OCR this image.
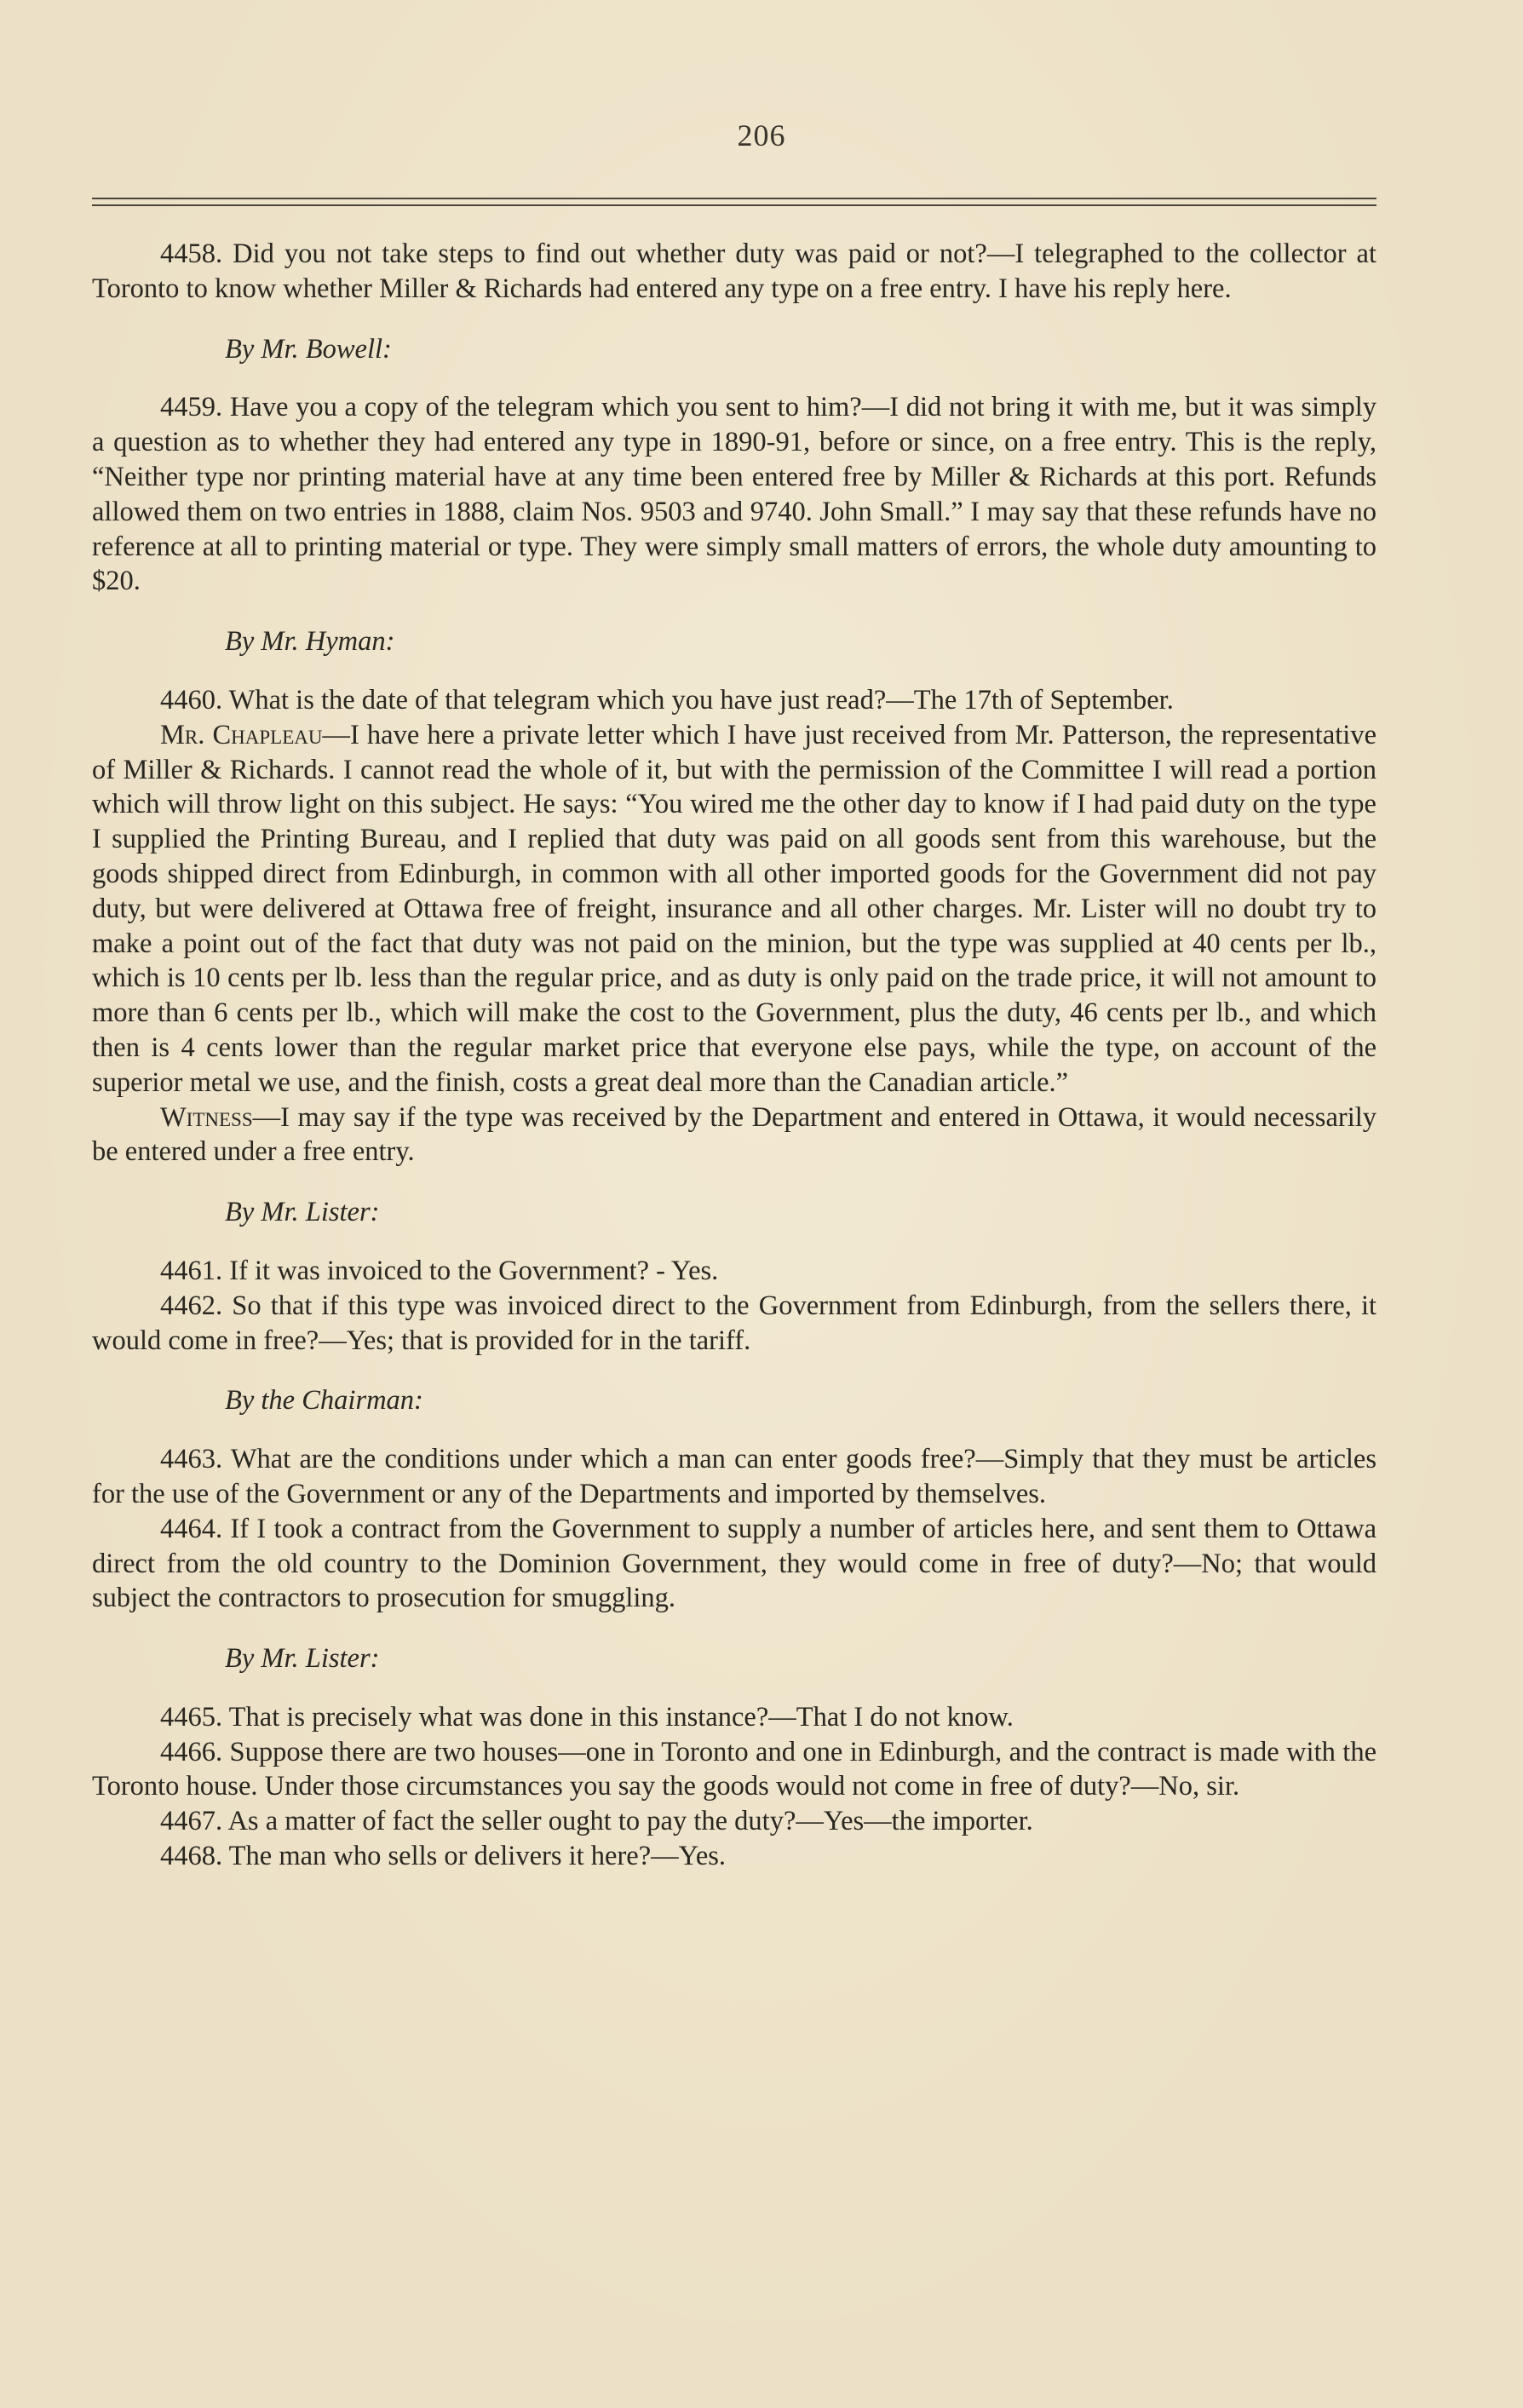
206

4458. Did you not take steps to find out whether duty was paid or not?—I telegraphed to the collector at Toronto to know whether Miller & Richards had entered any type on a free entry. I have his reply here.

By Mr. Bowell:

4459. Have you a copy of the telegram which you sent to him?—I did not bring it with me, but it was simply a question as to whether they had entered any type in 1890-91, before or since, on a free entry. This is the reply, “Neither type nor printing material have at any time been entered free by Miller & Richards at this port. Refunds allowed them on two entries in 1888, claim Nos. 9503 and 9740. John Small.” I may say that these refunds have no reference at all to printing material or type. They were simply small matters of errors, the whole duty amounting to $20.

By Mr. Hyman:

4460. What is the date of that telegram which you have just read?—The 17th of September.

Mr. Chapleau—I have here a private letter which I have just received from Mr. Patterson, the representative of Miller & Richards. I cannot read the whole of it, but with the permission of the Committee I will read a portion which will throw light on this subject. He says: “You wired me the other day to know if I had paid duty on the type I supplied the Printing Bureau, and I replied that duty was paid on all goods sent from this warehouse, but the goods shipped direct from Edinburgh, in common with all other imported goods for the Government did not pay duty, but were delivered at Ottawa free of freight, insurance and all other charges. Mr. Lister will no doubt try to make a point out of the fact that duty was not paid on the minion, but the type was supplied at 40 cents per lb., which is 10 cents per lb. less than the regular price, and as duty is only paid on the trade price, it will not amount to more than 6 cents per lb., which will make the cost to the Government, plus the duty, 46 cents per lb., and which then is 4 cents lower than the regular market price that everyone else pays, while the type, on account of the superior metal we use, and the finish, costs a great deal more than the Canadian article.”

Witness—I may say if the type was received by the Department and entered in Ottawa, it would necessarily be entered under a free entry.

By Mr. Lister:

4461. If it was invoiced to the Government? - Yes.

4462. So that if this type was invoiced direct to the Government from Edinburgh, from the sellers there, it would come in free?—Yes; that is provided for in the tariff.

By the Chairman:

4463. What are the conditions under which a man can enter goods free?—Simply that they must be articles for the use of the Government or any of the Departments and imported by themselves.

4464. If I took a contract from the Government to supply a number of articles here, and sent them to Ottawa direct from the old country to the Dominion Government, they would come in free of duty?—No; that would subject the contractors to prosecution for smuggling.

By Mr. Lister:

4465. That is precisely what was done in this instance?—That I do not know.

4466. Suppose there are two houses—one in Toronto and one in Edinburgh, and the contract is made with the Toronto house. Under those circumstances you say the goods would not come in free of duty?—No, sir.

4467. As a matter of fact the seller ought to pay the duty?—Yes—the importer.

4468. The man who sells or delivers it here?—Yes.
